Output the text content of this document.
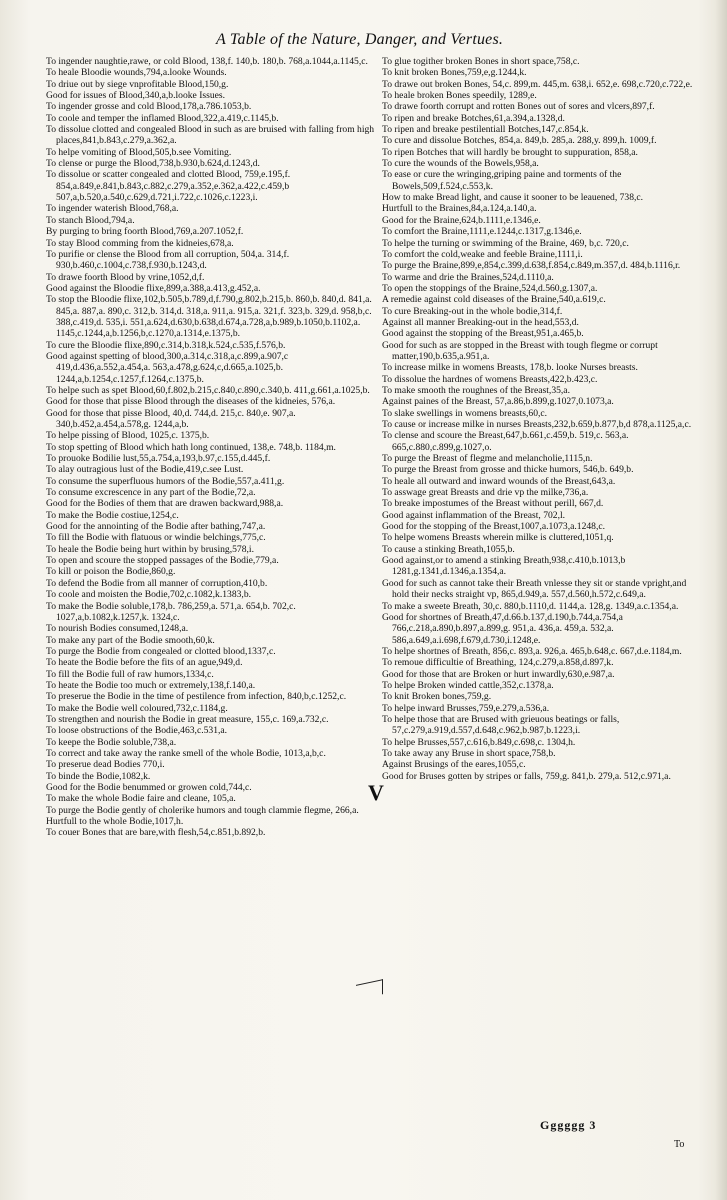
A Table of the Nature, Danger, and Vertues.

To ingender naughtie,rawe, or cold Blood, 138,f. 140,b. 180,b. 768,a.1044,a.1145,c.

To heale Bloodie wounds,794,a.looke Wounds.

To driue out by siege vnprofitable Blood,150,g.

Good for issues of Blood,340,a,b.looke Issues.

To ingender grosse and cold Blood,178,a.786.1053,b.

To coole and temper the inflamed Blood,322,a.419,c.1145,b.

To dissolue clotted and congealed Blood in such as are bruised with falling from high places,841,b.843,c.279,a.362,a.

To helpe vomiting of Blood,505,b.see Vomiting.

To clense or purge the Blood,738,b.930,b.624,d.1243,d.

To dissolue or scatter congealed and clotted Blood, 759,e.195,f. 854,a.849,e.841,b.843,c.882,c.279,a.352,e.362,a.422,c.459,b 507,a,b.520,a.540,c.629,d.721,i.722,c.1026,c.1223,i.

To ingender waterish Blood,768,a.

To stanch Blood,794,a.

By purging to bring foorth Blood,769,a.207.1052,f.

To stay Blood comming from the kidneies,678,a.

To purifie or clense the Blood from all corruption, 504,a. 314,f. 930,b.460,c.1004,c.738,f.930,b.1243,d.

To drawe foorth Blood by vrine,1052,d,f.

Good against the Bloodie flixe,899,a.388,a.413,g.452,a.

To stop the Bloodie flixe,102,b.505,b.789,d,f.790,g.802,b.215,b. 860,b. 840,d. 841,a. 845,a. 887,a. 890,c. 312,b. 314,d. 318,a. 911,a. 915,a. 321,f. 323,b. 329,d. 958,b,c. 388,c.419,d. 535,i. 551,a.624,d.630,b.638,d.674,a.728,a,b.989,b.1050,b.1102,a. 1145,c.1244,a,b.1256,b,c.1270,a.1314,e.1375,b.

To cure the Bloodie flixe,890,c.314,b.318,k.524,c.535,f.576,b.

Good against spetting of blood,300,a.314,c.318,a,c.899,a.907,c 419,d.436,a.552,a.454,a. 563,a.478,g.624,c,d.665,a.1025,b. 1244,a,b.1254,c.1257,f.1264,c.1375,b.

To helpe such as spet Blood,60,f.802,b.215,c.840,c.890,c.340,b. 411,g.661,a.1025,b.

Good for those that pisse Blood through the diseases of the kidneies, 576,a.

Good for those that pisse Blood, 40,d. 744,d. 215,c. 840,e. 907,a. 340,b.452,a.454,a.578,g. 1244,a,b.

To helpe pissing of Blood, 1025,c. 1375,b.

To stop spetting of Blood which hath long continued, 138,e. 748,b. 1184,m.

To prouoke Bodilie lust,55,a.754,a,193,b.97,c.155,d.445,f.

To alay outragious lust of the Bodie,419,c.see Lust.

To consume the superfluous humors of the Bodie,557,a.411,g.

To consume excrescence in any part of the Bodie,72,a.

Good for the Bodies of them that are drawen backward,988,a.

To make the Bodie costiue,1254,c.

Good for the annointing of the Bodie after bathing,747,a.

To fill the Bodie with flatuous or windie belchings,775,c.

To heale the Bodie being hurt within by brusing,578,i.

To open and scoure the stopped passages of the Bodie,779,a.

To kill or poison the Bodie,860,g.

To defend the Bodie from all manner of corruption,410,b.

To coole and moisten the Bodie,702,c.1082,k.1383,b.

To make the Bodie soluble,178,b. 786,259,a. 571,a. 654,b. 702,c. 1027,a,b.1082,k.1257,k. 1324,c.

To nourish Bodies consumed,1248,a.

To make any part of the Bodie smooth,60,k.

To purge the Bodie from congealed or clotted blood,1337,c.

To heate the Bodie before the fits of an ague,949,d.

To fill the Bodie full of raw humors,1334,c.

To heate the Bodie too much or extremely,138,f.140,a.

To preserue the Bodie in the time of pestilence from infection, 840,b,c.1252,c.

To make the Bodie well coloured,732,c.1184,g.

To strengthen and nourish the Bodie in great measure, 155,c. 169,a.732,c.

To loose obstructions of the Bodie,463,c.531,a.

To keepe the Bodie soluble,738,a.

To correct and take away the ranke smell of the whole Bodie, 1013,a,b,c.

To preserue dead Bodies 770,i.

To binde the Bodie,1082,k.

Good for the Bodie benummed or growen cold,744,c.

To make the whole Bodie faire and cleane, 105,a.

To purge the Bodie gently of cholerike humors and tough clammie flegme, 266,a.

Hurtfull to the whole Bodie,1017,h.

To couer Bones that are bare,with flesh,54,c.851,b.892,b.

To glue togither broken Bones in short space,758,c.

To knit broken Bones,759,e,g.1244,k.

To drawe out broken Bones, 54,c. 899,m. 445,m. 638,i. 652,e. 698,c.720,c.722,e.

To heale broken Bones speedily, 1289,e.

To drawe foorth corrupt and rotten Bones out of sores and vlcers,897,f.

To ripen and breake Botches,61,a.394,a.1328,d.

To ripen and breake pestilentiall Botches,147,c.854,k.

To cure and dissolue Botches, 854,a. 849,b. 285,a. 288,y. 899,h. 1009,f.

To ripen Botches that will hardly be brought to suppuration, 858,a.

To cure the wounds of the Bowels,958,a.

To ease or cure the wringing,griping paine and torments of the Bowels,509,f.524,c.553,k.

How to make Bread light, and cause it sooner to be leauened, 738,c.

Hurtfull to the Braines,84,a.124,a.140,a.

Good for the Braine,624,b.1111,e.1346,e.

To comfort the Braine,1111,e.1244,c.1317,g.1346,e.

To helpe the turning or swimming of the Braine, 469, b,c. 720,c.

To comfort the cold,weake and feeble Braine,1111,i.

To purge the Braine,899,e,854,c.399,d.638,f.854,c.849,m.357,d. 484,b.1116,r.

To warme and drie the Braines,524,d.1110,a.

To open the stoppings of the Braine,524,d.560,g.1307,a.

A remedie against cold diseases of the Braine,540,a.619,c.

To cure Breaking-out in the whole bodie,314,f.

Against all manner Breaking-out in the head,553,d.

Good against the stopping of the Breast,951,a.465,b.

Good for such as are stopped in the Breast with tough flegme or corrupt matter,190,b.635,a.951,a.

To increase milke in womens Breasts, 178,b. looke Nurses breasts.

To dissolue the hardnes of womens Breasts,422,b.423,c.

To make smooth the roughnes of the Breast,35,a.

Against paines of the Breast, 57,a.86,b.899,g.1027,0.1073,a.

To slake swellings in womens breasts,60,c.

To cause or increase milke in nurses Breasts,232,b.659,b.877,b,d 878,a.1125,a,c.

To clense and scoure the Breast,647,b.661,c.459,b. 519,c. 563,a. 665,c.880,c.899,g.1027,o.

To purge the Breast of flegme and melancholie,1115,n.

To purge the Breast from grosse and thicke humors, 546,b. 649,b.

To heale all outward and inward wounds of the Breast,643,a.

To asswage great Breasts and drie vp the milke,736,a.

To breake impostumes of the Breast without perill, 667,d.

Good against inflammation of the Breast, 702,l.

Good for the stopping of the Breast,1007,a.1073,a.1248,c.

To helpe womens Breasts wherein milke is cluttered,1051,q.

To cause a stinking Breath,1055,b.

Good against,or to amend a stinking Breath,938,c.410,b.1013,b 1281,g.1341,d.1346,a.1354,a.

Good for such as cannot take their Breath vnlesse they sit or stande vpright,and hold their necks straight vp, 865,d.949,a. 557,d.560,h.572,c.649,a.

To make a sweete Breath, 30,c. 880,b.1110,d. 1144,a. 128,g. 1349,a.c.1354,a.

Good for shortnes of Breath,47,d.66.b.137,d.190,b.744,a.754,a 766,c.218,a.890,b.897,a.899,g. 951,a. 436,a. 459,a. 532,a. 586,a.649,a.i.698,f.679,d.730,i.1248,e.

To helpe shortnes of Breath, 856,c. 893,a. 926,a. 465,b.648,c. 667,d.e.1184,m.

To remoue difficultie of Breathing, 124,c.279,a.858,d.897,k.

Good for those that are Broken or hurt inwardly,630,e.987,a.

To helpe Broken winded cattle,352,c.1378,a.

To knit Broken bones,759,g.

To helpe inward Brusses,759,e.279,a.536,a.

To helpe those that are Brused with grieuous beatings or falls, 57,c.279,a.919,d.557,d.648,c.962,b.987,b.1223,i.

To helpe Brusses,557,c.616,b.849,c.698,c. 1304,h.

To take away any Bruse in short space,758,b.

Against Brusings of the eares,1055,c.

Good for Bruses gotten by stripes or falls, 759,g. 841,b. 279,a. 512,c.971,a.

V
Gggggg 3
To
